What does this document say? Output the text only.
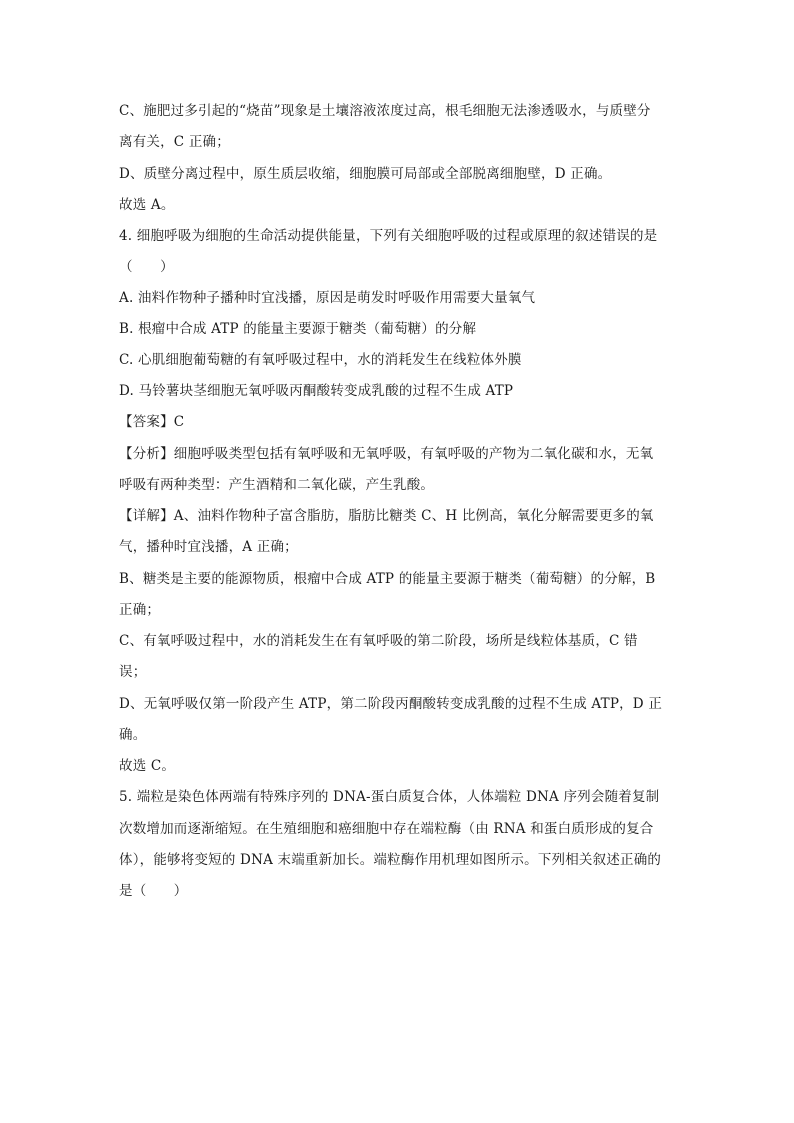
C、施肥过多引起的“烧苗”现象是土壤溶液浓度过高，根毛细胞无法渗透吸水，与质壁分
离有关，C 正确；
D、质壁分离过程中，原生质层收缩，细胞膜可局部或全部脱离细胞壁，D 正确。
故选 A。
4. 细胞呼吸为细胞的生命活动提供能量，下列有关细胞呼吸的过程或原理的叙述错误的是
（　　）
A. 油料作物种子播种时宜浅播，原因是萌发时呼吸作用需要大量氧气
B. 根瘤中合成 ATP 的能量主要源于糖类（葡萄糖）的分解
C. 心肌细胞葡萄糖的有氧呼吸过程中，水的消耗发生在线粒体外膜
D. 马铃薯块茎细胞无氧呼吸丙酮酸转变成乳酸的过程不生成 ATP
【答案】C
【分析】细胞呼吸类型包括有氧呼吸和无氧呼吸，有氧呼吸的产物为二氧化碳和水，无氧
呼吸有两种类型：产生酒精和二氧化碳，产生乳酸。
【详解】A、油料作物种子富含脂肪，脂肪比糖类 C、H 比例高，氧化分解需要更多的氧
气，播种时宜浅播，A 正确；
B、糖类是主要的能源物质，根瘤中合成 ATP 的能量主要源于糖类（葡萄糖）的分解，B
正确；
C、有氧呼吸过程中，水的消耗发生在有氧呼吸的第二阶段，场所是线粒体基质，C 错
误；
D、无氧呼吸仅第一阶段产生 ATP，第二阶段丙酮酸转变成乳酸的过程不生成 ATP，D 正
确。
故选 C。
5. 端粒是染色体两端有特殊序列的 DNA-蛋白质复合体，人体端粒 DNA 序列会随着复制
次数增加而逐渐缩短。在生殖细胞和癌细胞中存在端粒酶（由 RNA 和蛋白质形成的复合
体），能够将变短的 DNA 末端重新加长。端粒酶作用机理如图所示。下列相关叙述正确的
是（　　）
